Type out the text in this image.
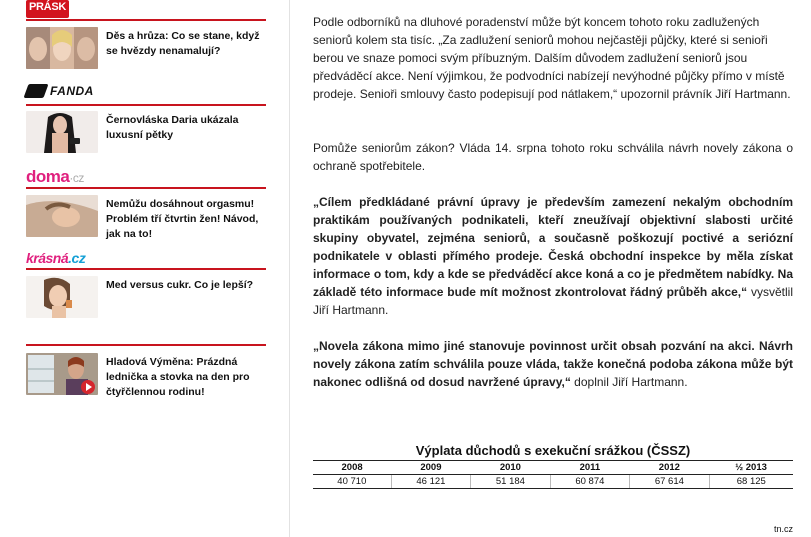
PRÁSK
Děs a hrůza: Co se stane, když se hvězdy nenamalují?
FANDA
Černovláska Daria ukázala luxusní pětky
doma·cz
Nemůžu dosáhnout orgasmu! Problém tří čtvrtin žen! Návod, jak na to!
krásná.cz
Med versus cukr. Co je lepší?
Hladová Výměna: Prázdná lednička a stovka na den pro čtyřčlennou rodinu!

Podle odborníků na dluhové poradenství může být koncem tohoto roku zadlužených seniorů kolem sta tisíc. „Za zadlužení seniorů mohou nejčastěji půjčky, které si senioři berou ve snaze pomoci svým příbuzným. Dalším důvodem zadlužení seniorů jsou předváděcí akce. Není výjimkou, že podvodníci nabízejí nevýhodné půjčky přímo v místě prodeje. Senioři smlouvy často podepisují pod nátlakem,“ upozornil právník Jiří Hartmann.

Pomůže seniorům zákon? Vláda 14. srpna tohoto roku schválila návrh novely zákona o ochraně spotřebitele.

„Cílem předkládané právní úpravy je především zamezení nekalým obchodním praktikám používaných podnikateli, kteří zneužívají objektivní slabosti určité skupiny obyvatel, zejména seniorů, a současně poškozují poctivé a seriózní podnikatele v oblasti přímého prodeje. Česká obchodní inspekce by měla získat informace o tom, kdy a kde se předváděcí akce koná a co je předmětem nabídky. Na základě této informace bude mít možnost zkontrolovat řádný průběh akce,“ vysvětlil Jiří Hartmann.

„Novela zákona mimo jiné stanovuje povinnost určit obsah pozvání na akci. Návrh novely zákona zatím schválila pouze vláda, takže konečná podoba zákona může být nakonec odlišná od dosud navržené úpravy,“ doplnil Jiří Hartmann.

Výplata důchodů s exekuční srážkou (ČSSZ)
2008	2009	2010	2011	2012	½ 2013
40 710	46 121	51 184	60 874	67 614	68 125
tn.cz
